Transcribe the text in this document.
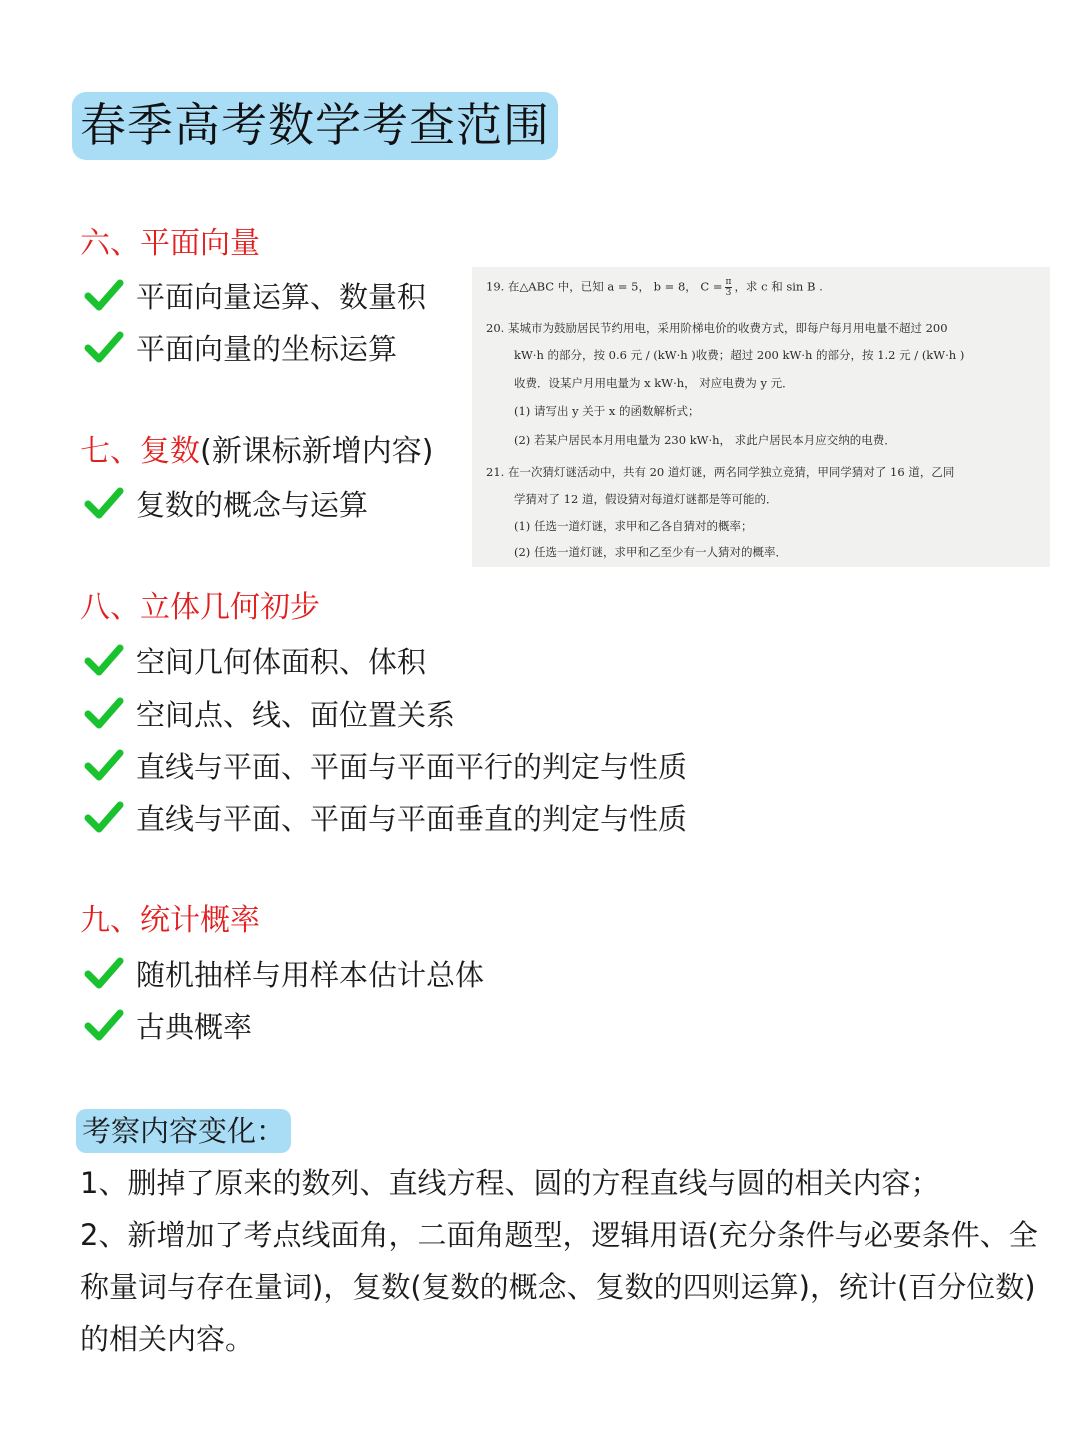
春季高考数学考查范围
六、平面向量
平面向量运算、数量积
平面向量的坐标运算
七、复数(新课标新增内容)
复数的概念与运算
19. 在△ABC 中，已知 a = 5， b = 8， $C = \frac{\pi}{3}$ ，求 c 和 sin B .
20. 某城市为鼓励居民节约用电，采用阶梯电价的收费方式，即每户每月用电量不超过 200
kW·h 的部分，按 0.6 元 / (kW·h )收费；超过 200 kW·h 的部分，按 1.2 元 / (kW·h )
收费．设某户月用电量为 x kW·h， 对应电费为 y 元．
(1) 请写出 y 关于 x 的函数解析式；
(2) 若某户居民本月用电量为 230 kW·h， 求此户居民本月应交纳的电费．
21. 在一次猜灯谜活动中，共有 20 道灯谜，两名同学独立竞猜，甲同学猜对了 16 道，乙同
学猜对了 12 道，假设猜对每道灯谜都是等可能的．
(1) 任选一道灯谜，求甲和乙各自猜对的概率；
(2) 任选一道灯谜，求甲和乙至少有一人猜对的概率．
八、立体几何初步
空间几何体面积、体积
空间点、线、面位置关系
直线与平面、平面与平面平行的判定与性质
直线与平面、平面与平面垂直的判定与性质
九、统计概率
随机抽样与用样本估计总体
古典概率
考察内容变化：
1、删掉了原来的数列、直线方程、圆的方程直线与圆的相关内容；
2、新增加了考点线面角，二面角题型，逻辑用语(充分条件与必要条件、全
称量词与存在量词)，复数(复数的概念、复数的四则运算)，统计(百分位数)
的相关内容。
